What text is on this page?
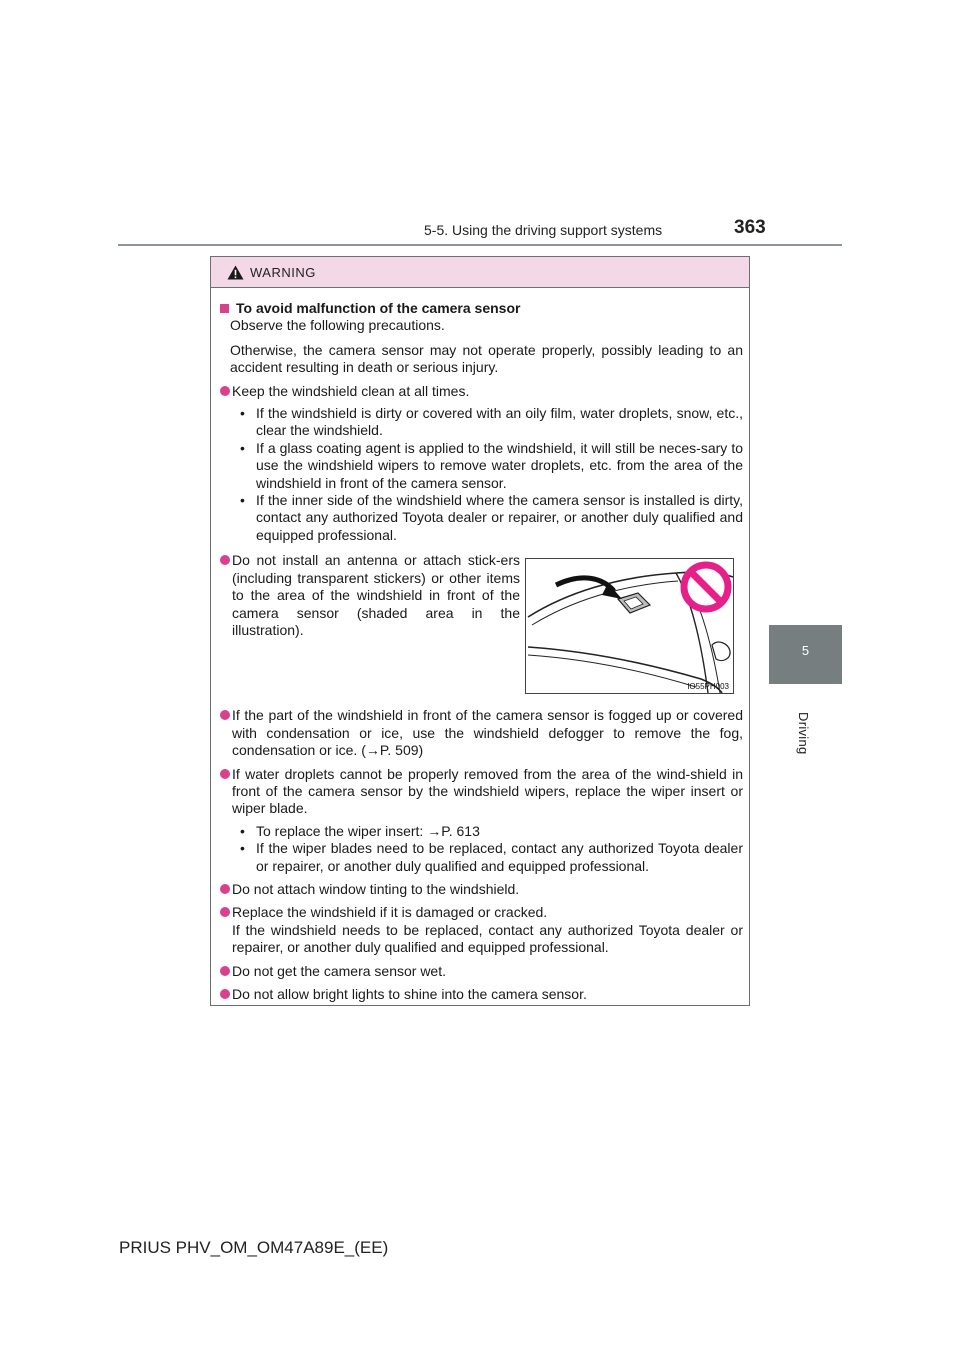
5-5. Using the driving support systems	363
5
Driving
WARNING
To avoid malfunction of the camera sensor
Observe the following precautions.
Otherwise, the camera sensor may not operate properly, possibly leading to an accident resulting in death or serious injury.
Keep the windshield clean at all times.
• If the windshield is dirty or covered with an oily film, water droplets, snow, etc., clear the windshield.
• If a glass coating agent is applied to the windshield, it will still be neces-sary to use the windshield wipers to remove water droplets, etc. from the area of the windshield in front of the camera sensor.
• If the inner side of the windshield where the camera sensor is installed is dirty, contact any authorized Toyota dealer or repairer, or another duly qualified and equipped professional.
Do not install an antenna or attach stick-ers (including transparent stickers) or other items to the area of the windshield in front of the camera sensor (shaded area in the illustration).
If the part of the windshield in front of the camera sensor is fogged up or covered with condensation or ice, use the windshield defogger to remove the fog, condensation or ice. (→P. 509)
If water droplets cannot be properly removed from the area of the wind-shield in front of the camera sensor by the windshield wipers, replace the wiper insert or wiper blade.
• To replace the wiper insert: →P. 613
• If the wiper blades need to be replaced, contact any authorized Toyota dealer or repairer, or another duly qualified and equipped professional.
Do not attach window tinting to the windshield.
Replace the windshield if it is damaged or cracked.
If the windshield needs to be replaced, contact any authorized Toyota dealer or repairer, or another duly qualified and equipped professional.
Do not get the camera sensor wet.
Do not allow bright lights to shine into the camera sensor.
IO55PH003
PRIUS PHV_OM_OM47A89E_(EE)
